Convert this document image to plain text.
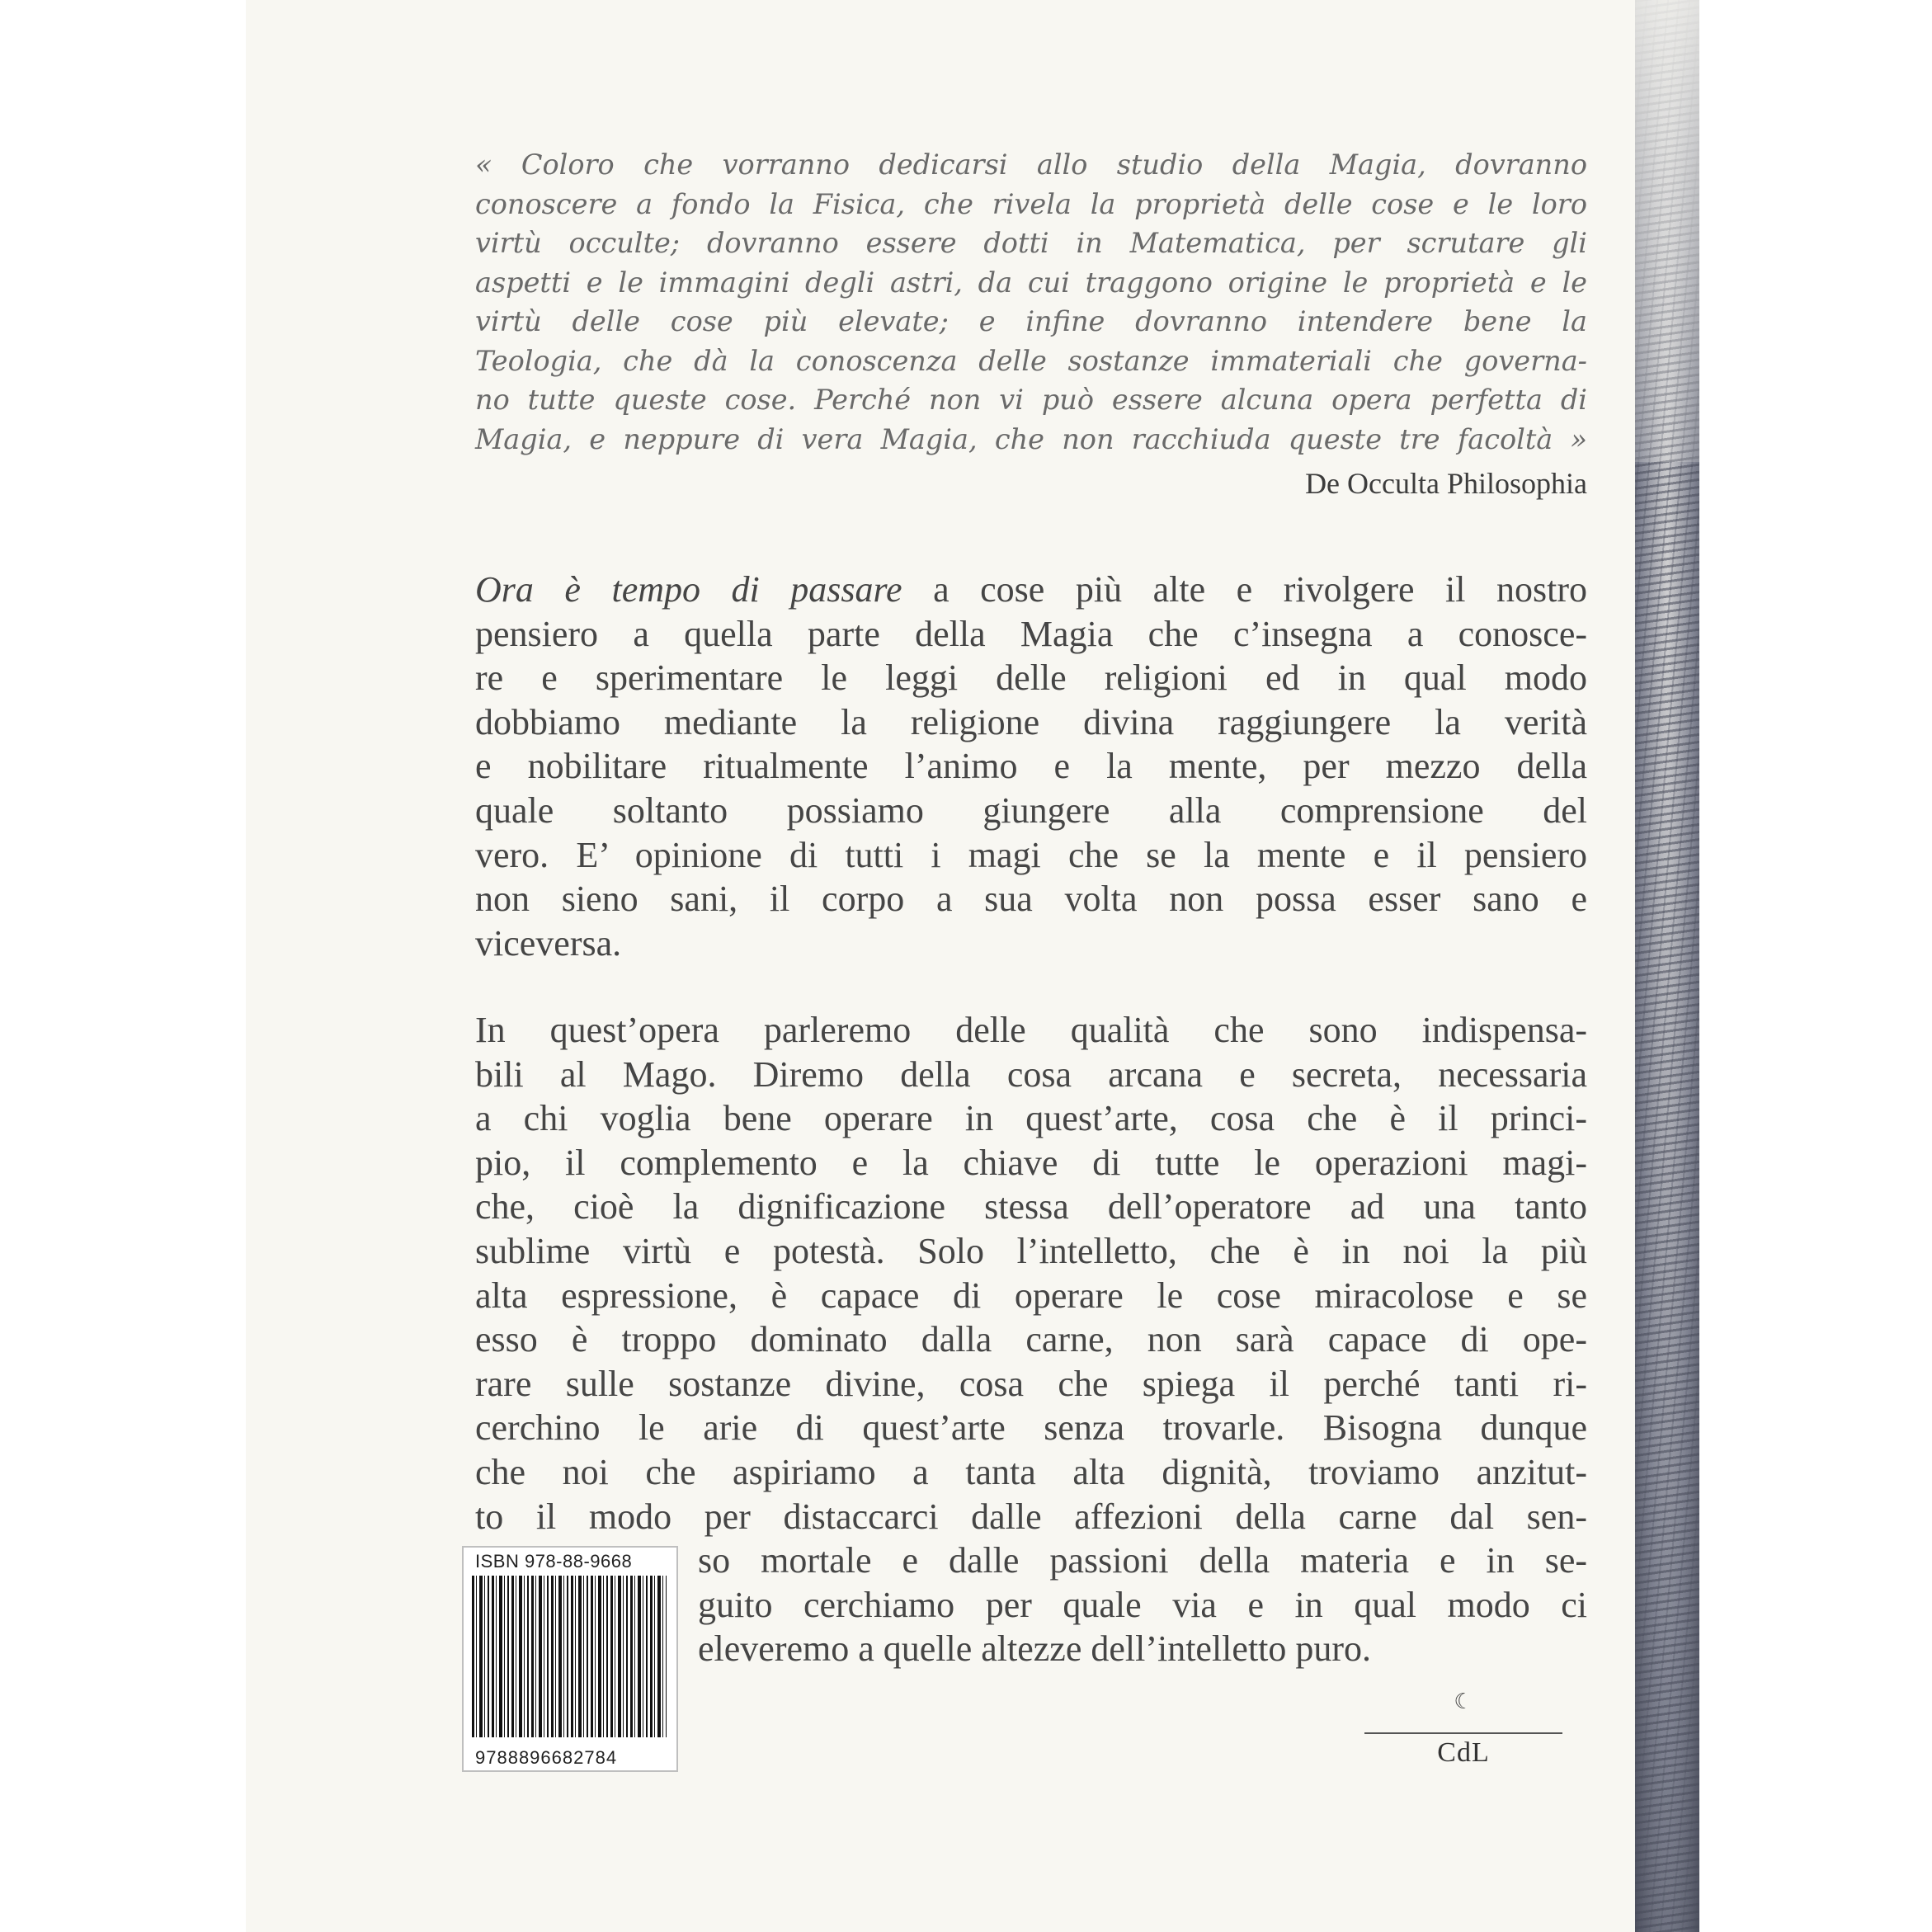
« Coloro che vorranno dedicarsi allo studio della Magia, dovranno
conoscere a fondo la Fisica, che rivela la proprietà delle cose e le loro
virtù occulte; dovranno essere dotti in Matematica, per scrutare gli
aspetti e le immagini degli astri, da cui traggono origine le proprietà e le
virtù delle cose più elevate; e infine dovranno intendere bene la
Teologia, che dà la conoscenza delle sostanze immateriali che governa-
no tutte queste cose. Perché non vi può essere alcuna opera perfetta di
Magia, e neppure di vera Magia, che non racchiuda queste tre facoltà »
De Occulta Philosophia
Ora è tempo di passare a cose più alte e rivolgere il nostro
pensiero a quella parte della Magia che c’insegna a conosce-
re e sperimentare le leggi delle religioni ed in qual modo
dobbiamo mediante la religione divina raggiungere la verità
e nobilitare ritualmente l’animo e la mente, per mezzo della
quale soltanto possiamo giungere alla comprensione del
vero. E’ opinione di tutti i magi che se la mente e il pensiero
non sieno sani, il corpo a sua volta non possa esser sano e
viceversa.
In quest’opera parleremo delle qualità che sono indispensa-
bili al Mago. Diremo della cosa arcana e secreta, necessaria
a chi voglia bene operare in quest’arte, cosa che è il princi-
pio, il complemento e la chiave di tutte le operazioni magi-
che, cioè la dignificazione stessa dell’operatore ad una tanto
sublime virtù e potestà. Solo l’intelletto, che è in noi la più
alta espressione, è capace di operare le cose miracolose e se
esso è troppo dominato dalla carne, non sarà capace di ope-
rare sulle sostanze divine, cosa che spiega il perché tanti ri-
cerchino le arie di quest’arte senza trovarle. Bisogna dunque
che noi che aspiriamo a tanta alta dignità, troviamo anzitut-
to il modo per distaccarci dalle affezioni della carne dal sen-
so mortale e dalle passioni della materia e in se-
guito cerchiamo per quale via e in qual modo ci
eleveremo a quelle altezze dell’intelletto puro.
ISBN 978-88-9668
9788896682784
☾
CdL
